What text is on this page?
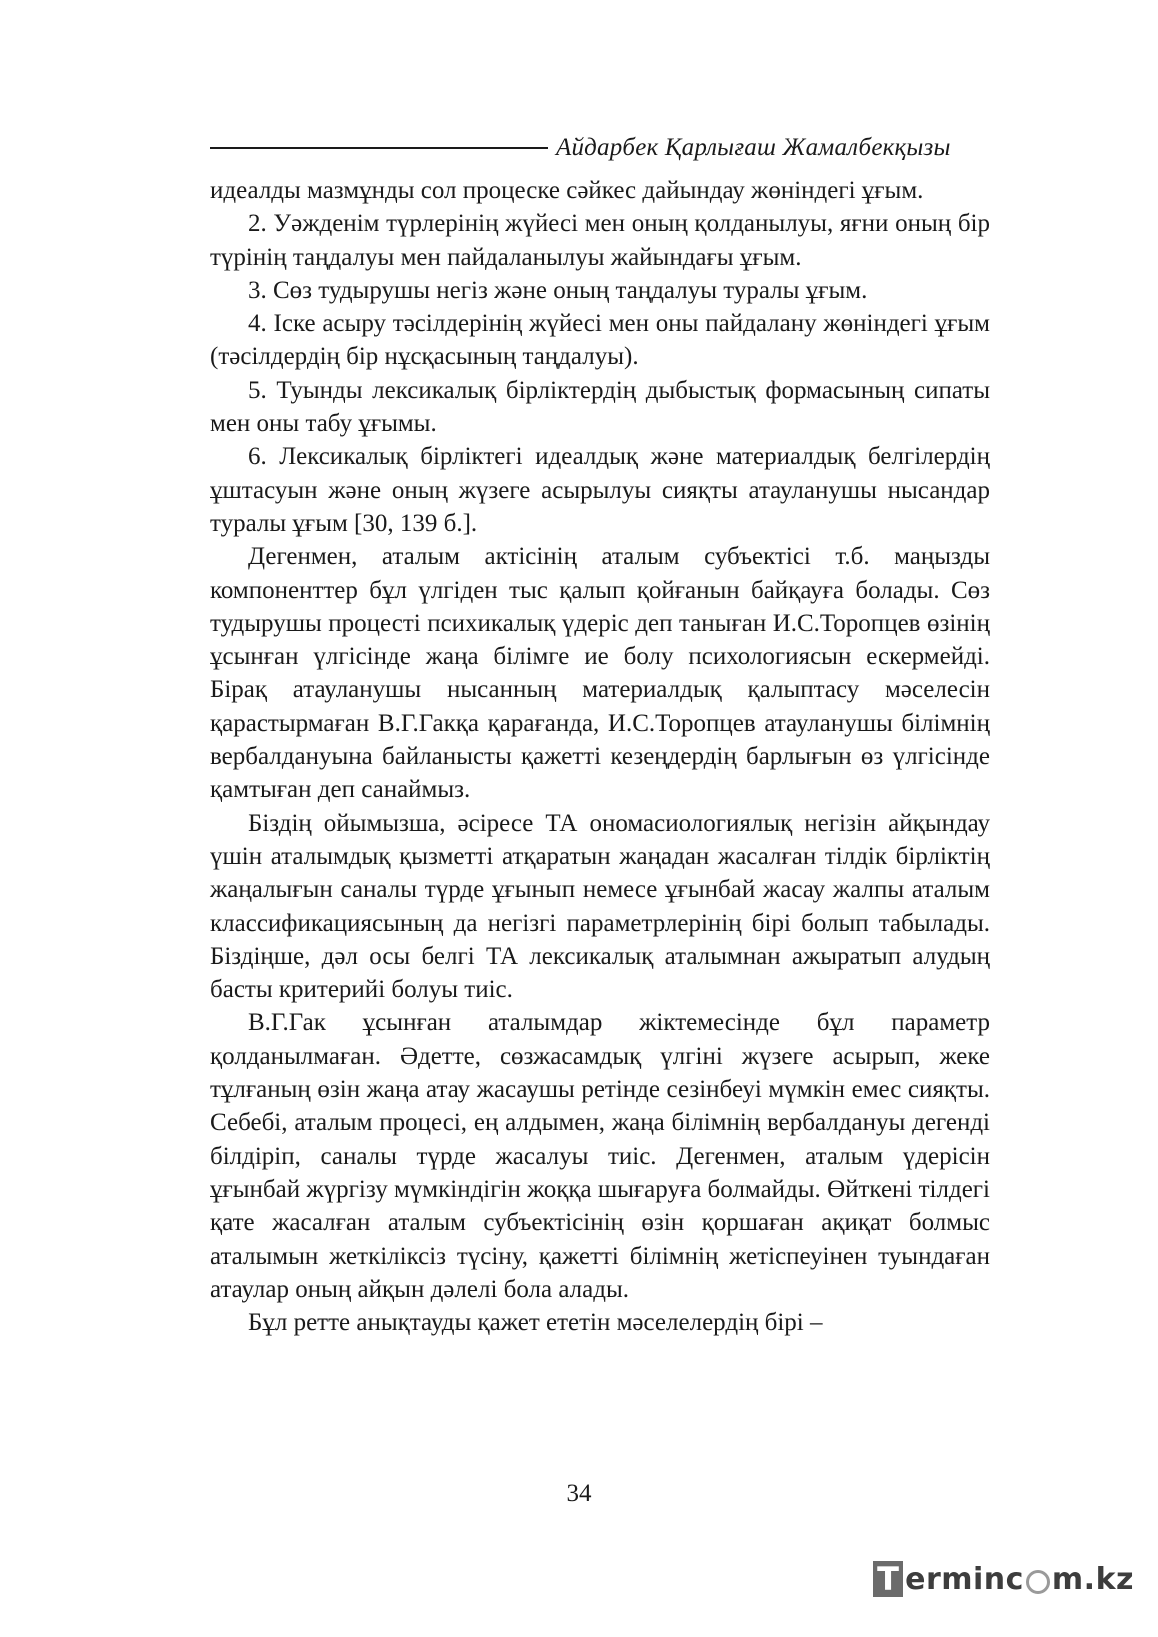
Айдарбек Қарлығаш Жамалбекқызы

идеалды мазмұнды сол процеске сәйкес дайындау жөніндегі ұғым.

2. Уәжденім түрлерінің жүйесі мен оның қолданылуы, яғни оның бір түрінің таңдалуы мен пайдаланылуы жайындағы ұғым.

3. Сөз тудырушы негіз және оның таңдалуы туралы ұғым.

4. Іске асыру тәсілдерінің жүйесі мен оны пайдалану жөніндегі ұғым (тәсілдердің бір нұсқасының таңдалуы).

5. Туынды лексикалық бірліктердің дыбыстық формасының сипаты мен оны табу ұғымы.

6. Лексикалық бірліктегі идеалдық және материалдық белгілердің ұштасуын және оның жүзеге асырылуы сияқты атауланушы нысандар туралы ұғым [30, 139 б.].

Дегенмен, аталым актісінің аталым субъектісі т.б. маңызды компоненттер бұл үлгіден тыс қалып қойғанын байқауға болады. Сөз тудырушы процесті психикалық үдеріс деп таныған И.С.Торопцев өзінің ұсынған үлгісінде жаңа білімге ие болу психологиясын ескермейді. Бірақ атауланушы нысанның материалдық қалыптасу мәселесін қарастырмаған В.Г.Гакқа қарағанда, И.С.Торопцев атауланушы білімнің вербалдануына байланысты қажетті кезеңдердің барлығын өз үлгісінде қамтыған деп санаймыз.

Біздің ойымызша, әсіресе ТА ономасиологиялық негізін айқындау үшін аталымдық қызметті атқаратын жаңадан жасалған тілдік бірліктің жаңалығын саналы түрде ұғынып немесе ұғынбай жасау жалпы аталым классификациясының да негізгі параметрлерінің бірі болып табылады. Біздіңше, дәл осы белгі ТА лексикалық аталымнан ажыратып алудың басты критерийі болуы тиіс.

В.Г.Гак ұсынған аталымдар жіктемесінде бұл параметр қолданылмаған. Әдетте, сөзжасамдық үлгіні жүзеге асырып, жеке тұлғаның өзін жаңа атау жасаушы ретінде сезінбеуі мүмкін емес сияқты. Себебі, аталым процесі, ең алдымен, жаңа білімнің вербалдануы дегенді білдіріп, саналы түрде жасалуы тиіс. Дегенмен, аталым үдерісін ұғынбай жүргізу мүмкіндігін жоққа шығаруға болмайды. Өйткені тілдегі қате жасалған аталым субъектісінің өзін қоршаған ақиқат болмыс аталымын жеткіліксіз түсіну, қажетті білімнің жетіспеуінен туындаған атаулар оның айқын дәлелі бола алады.

Бұл ретте анықтауды қажет ететін мәселелердің бірі –

34
T erminc m.kz
